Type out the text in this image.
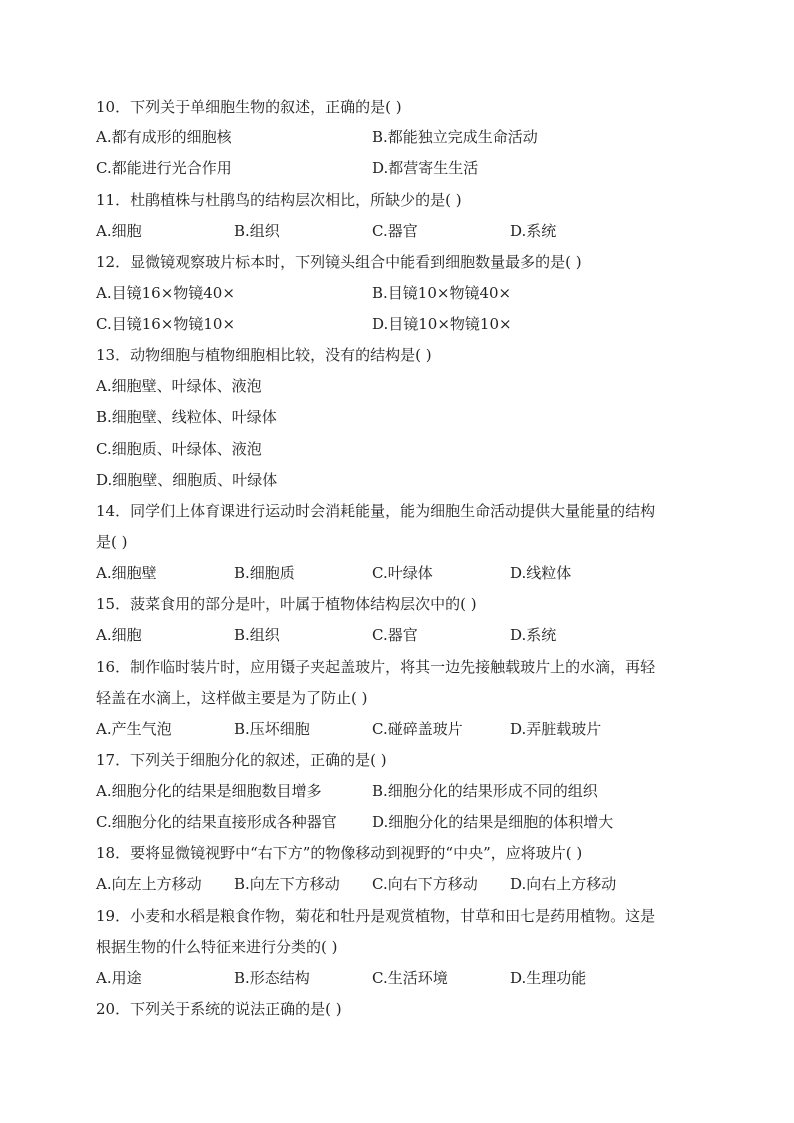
10．下列关于单细胞生物的叙述，正确的是( )
A.都有成形的细胞核	B.都能独立完成生命活动
C.都能进行光合作用	D.都营寄生生活
11．杜鹃植株与杜鹃鸟的结构层次相比，所缺少的是( )
A.细胞	B.组织	C.器官	D.系统
12．显微镜观察玻片标本时，下列镜头组合中能看到细胞数量最多的是( )
A.目镜16×物镜40×	B.目镜10×物镜40×
C.目镜16×物镜10×	D.目镜10×物镜10×
13．动物细胞与植物细胞相比较，没有的结构是( )
A.细胞壁、叶绿体、液泡
B.细胞壁、线粒体、叶绿体
C.细胞质、叶绿体、液泡
D.细胞壁、细胞质、叶绿体
14．同学们上体育课进行运动时会消耗能量，能为细胞生命活动提供大量能量的结构
是( )
A.细胞壁	B.细胞质	C.叶绿体	D.线粒体
15．菠菜食用的部分是叶，叶属于植物体结构层次中的( )
A.细胞	B.组织	C.器官	D.系统
16．制作临时装片时，应用镊子夹起盖玻片，将其一边先接触载玻片上的水滴，再轻
轻盖在水滴上，这样做主要是为了防止( )
A.产生气泡	B.压坏细胞	C.碰碎盖玻片	D.弄脏载玻片
17．下列关于细胞分化的叙述，正确的是( )
A.细胞分化的结果是细胞数目增多	B.细胞分化的结果形成不同的组织
C.细胞分化的结果直接形成各种器官	D.细胞分化的结果是细胞的体积增大
18．要将显微镜视野中“右下方”的物像移动到视野的“中央”，应将玻片( )
A.向左上方移动	B.向左下方移动	C.向右下方移动	D.向右上方移动
19．小麦和水稻是粮食作物，菊花和牡丹是观赏植物，甘草和田七是药用植物。这是
根据生物的什么特征来进行分类的( )
A.用途	B.形态结构	C.生活环境	D.生理功能
20．下列关于系统的说法正确的是( )
